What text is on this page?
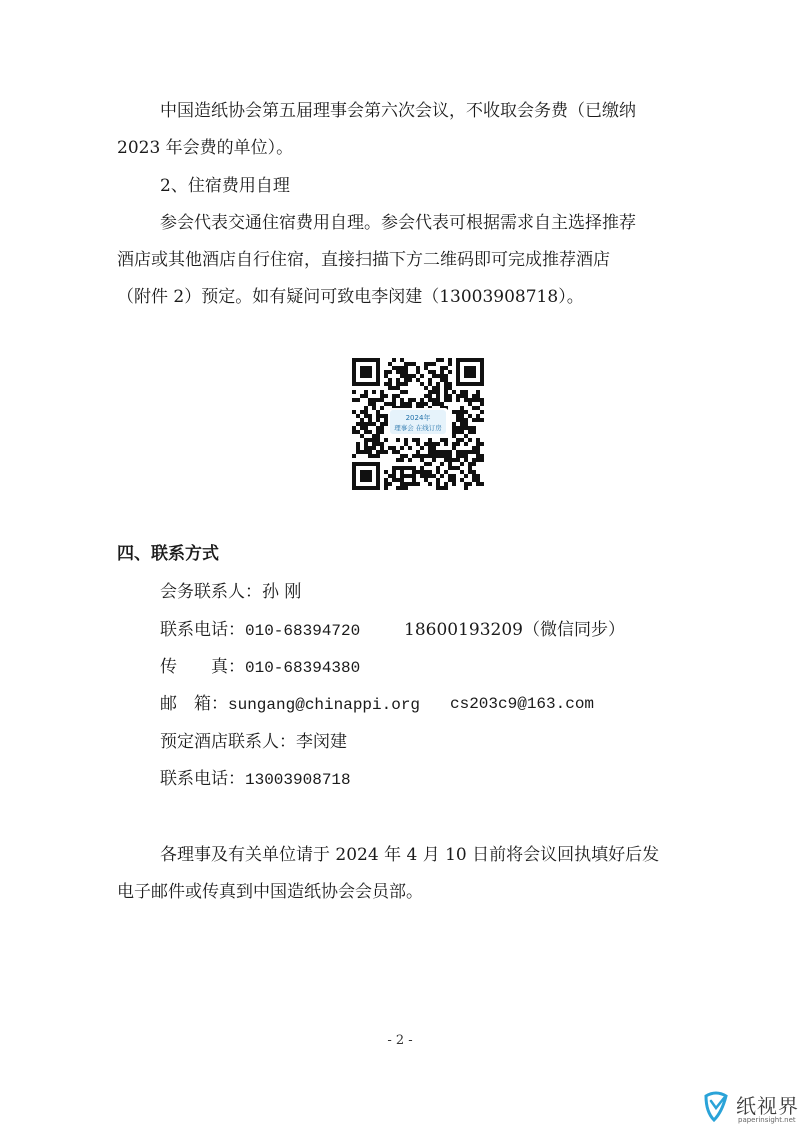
中国造纸协会第五届理事会第六次会议，不收取会务费（已缴纳
2023 年会费的单位）。
2、住宿费用自理
参会代表交通住宿费用自理。参会代表可根据需求自主选择推荐
酒店或其他酒店自行住宿，直接扫描下方二维码即可完成推荐酒店
（附件 2）预定。如有疑问可致电李闵建（13003908718）。
2024年
理事会 在线订房
四、联系方式
会务联系人：孙 刚
联系电话：010-68394720	18600193209（微信同步）
传　　真：010-68394380
邮　箱：sungang@chinappi.org cs203c9@163.com
预定酒店联系人：李闵建
联系电话：13003908718
各理事及有关单位请于 2024 年 4 月 10 日前将会议回执填好后发
电子邮件或传真到中国造纸协会会员部。
- 2 -
纸视界
paperinsight.net
